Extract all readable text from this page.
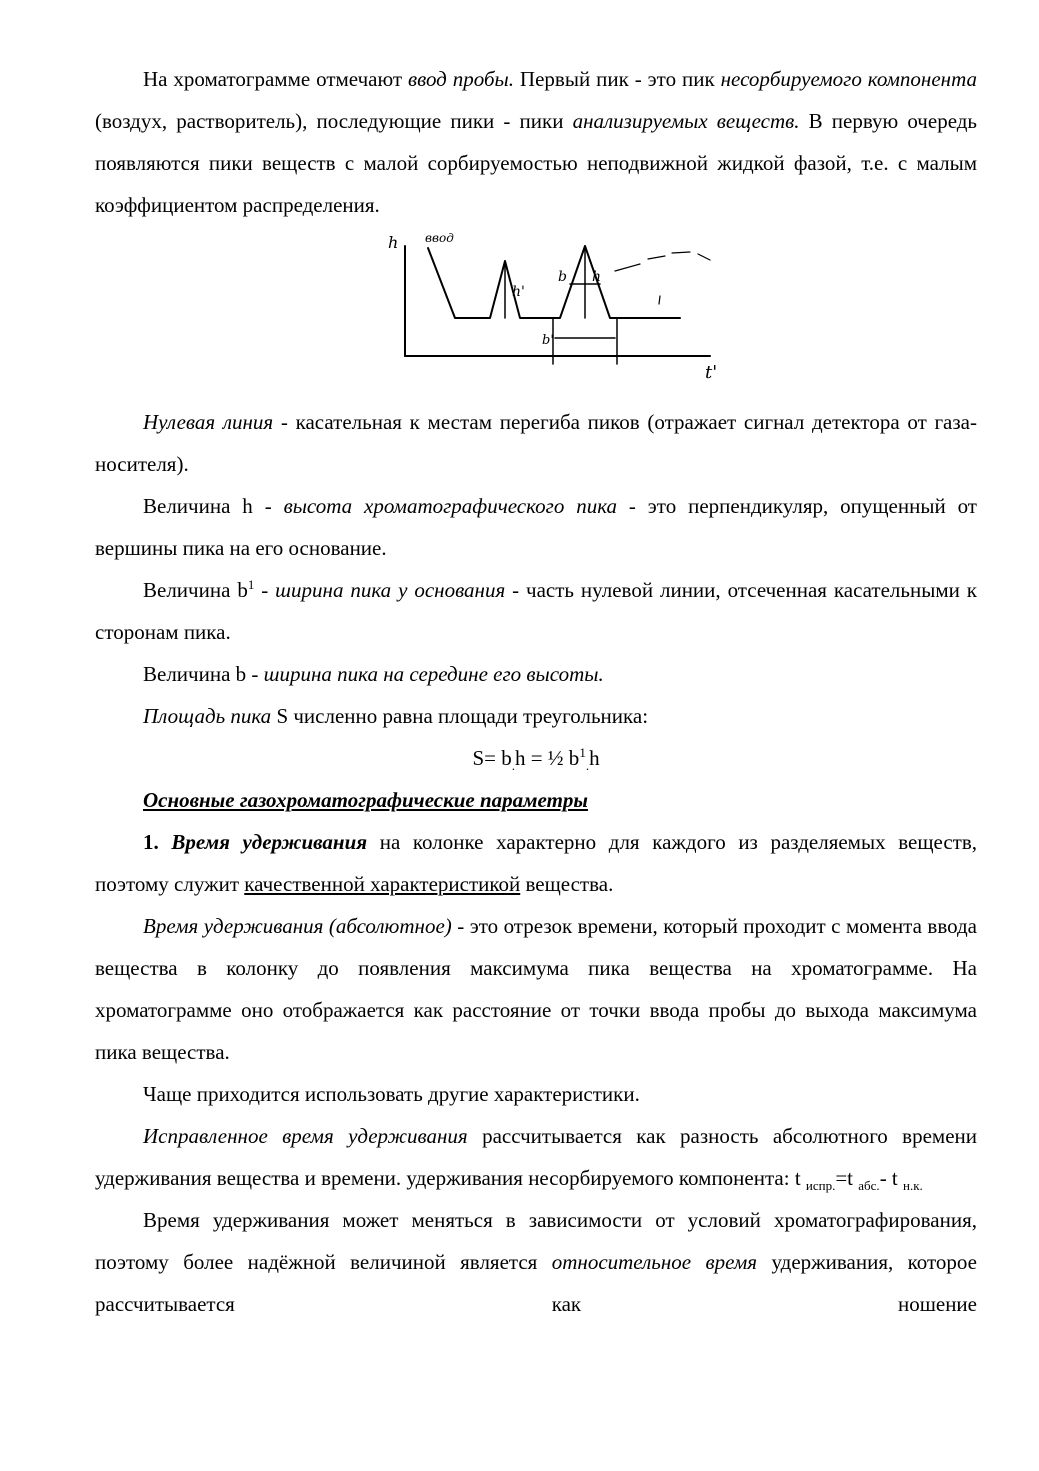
На хроматограмме отмечают ввод пробы. Первый пик - это пик несорбируемого компонента (воздух, растворитель), последующие пики - пики анализируемых веществ. В первую очередь появляются пики веществ с малой сорбируемостью неподвижной жидкой фазой, т.е. с малым коэффициентом распределения.

h ввод
h'
b h
b'
t'

Нулевая линия - касательная к местам перегиба пиков (отражает сигнал детектора от газа-носителя).

Величина h - высота хроматографического пика - это перпендикуляр, опущенный от вершины пика на его основание.

Величина $b^1$ - ширина пика у основания - часть нулевой линии, отсеченная касательными к сторонам пика.

Величина b - ширина пика на середине его высоты.

Площадь пика S численно равна площади треугольника:

$S= b_.h$ = ½ $b^1_.h$
Основные газохроматографические параметры

1. Время удерживания на колонке характерно для каждого из разделяемых веществ, поэтому служит качественной характеристикой вещества.

Время удерживания (абсолютное) - это отрезок времени, который проходит с момента ввода вещества в колонку до появления максимума пика вещества на хроматограмме. На хроматограмме оно отображается как расстояние от точки ввода пробы до выхода максимума пика вещества.

Чаще приходится использовать другие характеристики.

Исправленное время удерживания рассчитывается как разность абсолютного времени удерживания вещества и времени. удерживания несорбируемого компонента: t $_{испр.}$=t $_{абс.}$- t $_{н.к.}$

Время удерживания может меняться в зависимости от условий хроматографирования, поэтому более надёжной величиной является относительное время удерживания, которое рассчитывается как ношение
